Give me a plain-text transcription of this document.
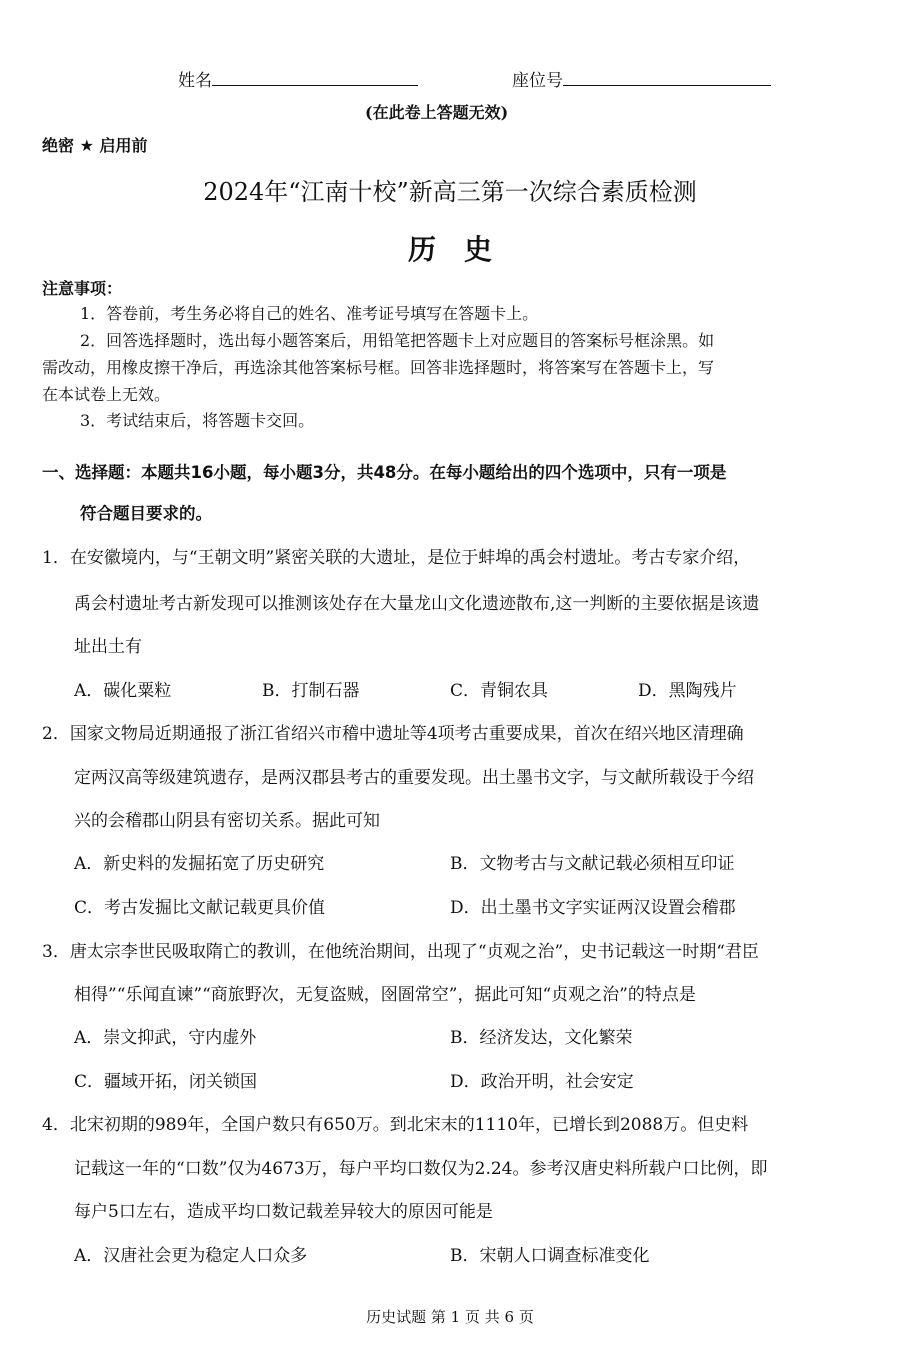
姓名	座位号
(在此卷上答题无效)
绝密 ★ 启用前
2024年“江南十校”新高三第一次综合素质检测
历　史
注意事项：
1．答卷前，考生务必将自己的姓名、准考证号填写在答题卡上。
2．回答选择题时，选出每小题答案后，用铅笔把答题卡上对应题目的答案标号框涂黑。如
需改动，用橡皮擦干净后，再选涂其他答案标号框。回答非选择题时，将答案写在答题卡上，写
在本试卷上无效。
3．考试结束后，将答题卡交回。
一、选择题：本题共16小题，每小题3分，共48分。在每小题给出的四个选项中，只有一项是
符合题目要求的。
1．在安徽境内，与“王朝文明”紧密关联的大遗址，是位于蚌埠的禹会村遗址。考古专家介绍，
禹会村遗址考古新发现可以推测该处存在大量龙山文化遗迹散布,这一判断的主要依据是该遗
址出土有
A．碳化粟粒	B．打制石器	C．青铜农具	D．黑陶残片
2．国家文物局近期通报了浙江省绍兴市稽中遗址等4项考古重要成果，首次在绍兴地区清理确
定两汉高等级建筑遗存，是两汉郡县考古的重要发现。出土墨书文字，与文献所载设于今绍
兴的会稽郡山阴县有密切关系。据此可知
A．新史料的发掘拓宽了历史研究	B．文物考古与文献记载必须相互印证
C．考古发掘比文献记载更具价值	D．出土墨书文字实证两汉设置会稽郡
3．唐太宗李世民吸取隋亡的教训，在他统治期间，出现了“贞观之治”，史书记载这一时期“君臣
相得”“乐闻直谏”“商旅野次，无复盗贼，囹圄常空”，据此可知“贞观之治”的特点是
A．崇文抑武，守内虚外	B．经济发达，文化繁荣
C．疆域开拓，闭关锁国	D．政治开明，社会安定
4．北宋初期的989年，全国户数只有650万。到北宋末的1110年，已增长到2088万。但史料
记载这一年的“口数”仅为4673万，每户平均口数仅为2.24。参考汉唐史料所载户口比例，即
每户5口左右，造成平均口数记载差异较大的原因可能是
A．汉唐社会更为稳定人口众多	B．宋朝人口调查标准变化
历史试题 第 1 页 共 6 页
